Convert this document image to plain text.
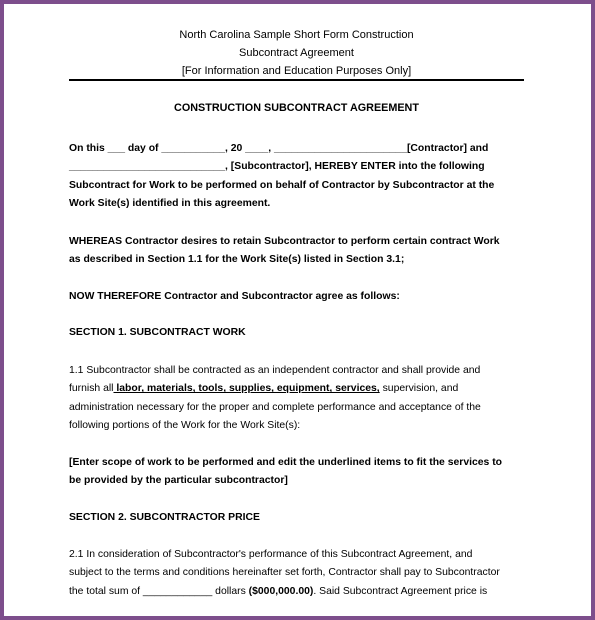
North Carolina Sample Short Form Construction
Subcontract Agreement
[For Information and Education Purposes Only]
CONSTRUCTION SUBCONTRACT AGREEMENT

On this ___ day of ___________, 20 ____, _______________________[Contractor] and

___________________________, [Subcontractor], HEREBY ENTER into the following

Subcontract for Work to be performed on behalf of Contractor by Subcontractor at the

Work Site(s) identified in this agreement.

WHEREAS Contractor desires to retain Subcontractor to perform certain contract Work

as described in Section 1.1 for the Work Site(s) listed in Section 3.1;

NOW THEREFORE Contractor and Subcontractor agree as follows:

SECTION 1. SUBCONTRACT WORK

1.1 Subcontractor shall be contracted as an independent contractor and shall provide and

furnish all labor, materials, tools, supplies, equipment, services, supervision, and

administration necessary for the proper and complete performance and acceptance of the

following portions of the Work for the Work Site(s):

[Enter scope of work to be performed and edit the underlined items to fit the services to

be provided by the particular subcontractor]

SECTION 2. SUBCONTRACTOR PRICE

2.1 In consideration of Subcontractor's performance of this Subcontract Agreement, and

subject to the terms and conditions hereinafter set forth, Contractor shall pay to Subcontractor

the total sum of ____________ dollars ($000,000.00). Said Subcontract Agreement price is
